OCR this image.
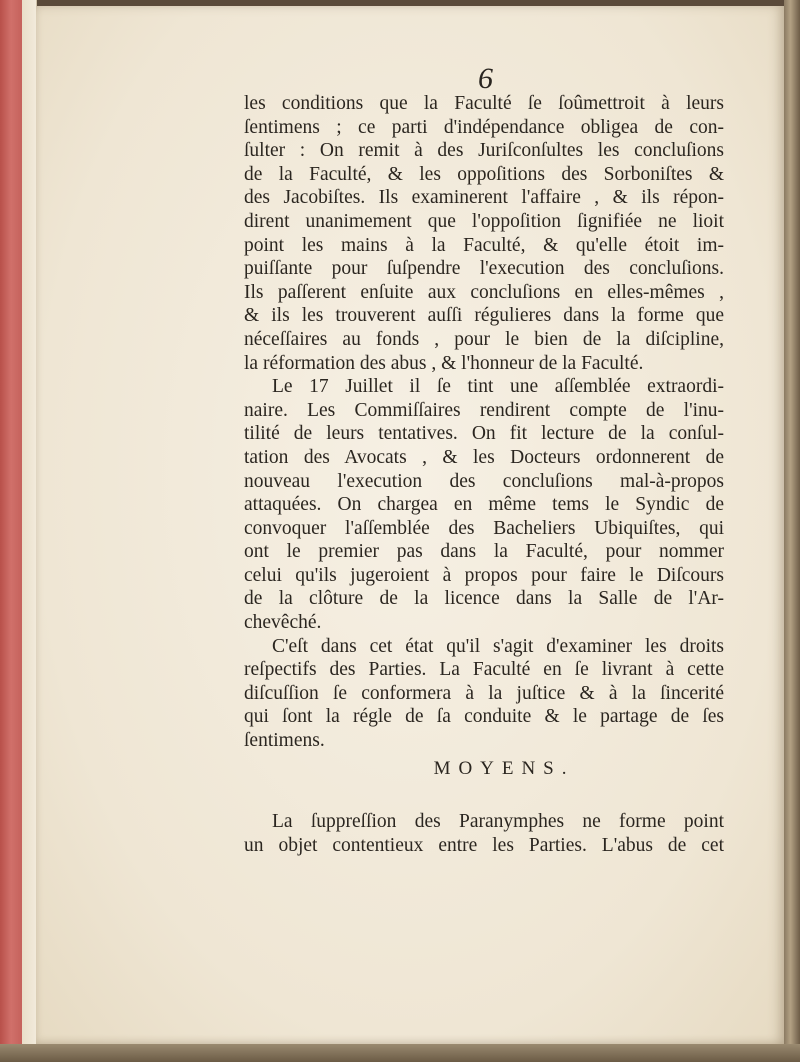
6
les conditions que la Faculté ſe ſoûmettroit à leurs
ſentimens ; ce parti d'indépendance obligea de con-
ſulter : On remit à des Juriſconſultes les concluſions
de la Faculté, & les oppoſitions des Sorboniſtes &
des Jacobiſtes. Ils examinerent l'affaire , & ils répon-
dirent unanimement que l'oppoſition ſignifiée ne lioit
point les mains à la Faculté, & qu'elle étoit im-
puiſſante pour ſuſpendre l'execution des concluſions.
Ils paſſerent enſuite aux concluſions en elles-mêmes ,
& ils les trouverent auſſi régulieres dans la forme que
néceſſaires au fonds , pour le bien de la diſcipline,
la réformation des abus , & l'honneur de la Faculté.
Le 17 Juillet il ſe tint une aſſemblée extraordi-
naire. Les Commiſſaires rendirent compte de l'inu-
tilité de leurs tentatives. On fit lecture de la conſul-
tation des Avocats , & les Docteurs ordonnerent de
nouveau l'execution des concluſions mal-à-propos
attaquées. On chargea en même tems le Syndic de
convoquer l'aſſemblée des Bacheliers Ubiquiſtes, qui
ont le premier pas dans la Faculté, pour nommer
celui qu'ils jugeroient à propos pour faire le Diſcours
de la clôture de la licence dans la Salle de l'Ar-
chevêché.
C'eſt dans cet état qu'il s'agit d'examiner les droits
reſpectifs des Parties. La Faculté en ſe livrant à cette
diſcuſſion ſe conformera à la juſtice & à la ſincerité
qui ſont la régle de ſa conduite & le partage de ſes
ſentimens.
MOYENS.
La ſuppreſſion des Paranymphes ne forme point
un objet contentieux entre les Parties. L'abus de cet
